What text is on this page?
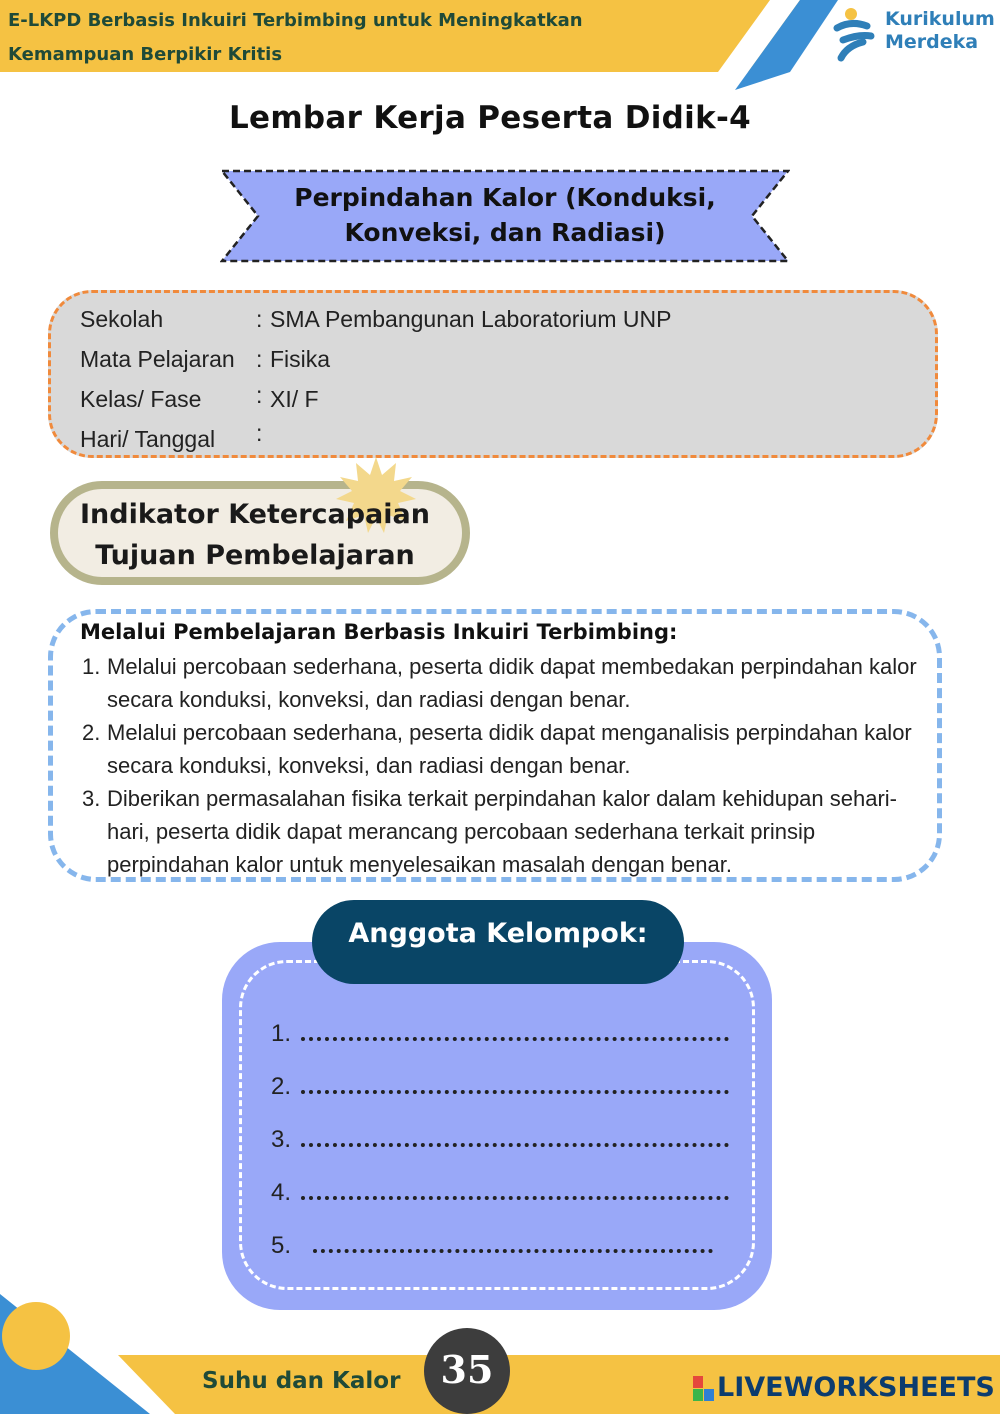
E-LKPD Berbasis Inkuiri Terbimbing untuk Meningkatkan
Kemampuan Berpikir Kritis
Kurikulum
Merdeka
Lembar Kerja Peserta Didik-4
Perpindahan Kalor (Konduksi,
Konveksi, dan Radiasi)
Sekolah	: SMA Pembangunan Laboratorium UNP
Mata Pelajaran : Fisika
Kelas/ Fase : XI/ F
Hari/ Tanggal :
Indikator Ketercapaian
Tujuan Pembelajaran
Melalui Pembelajaran Berbasis Inkuiri Terbimbing:
1. Melalui percobaan sederhana, peserta didik dapat membedakan perpindahan kalor secara konduksi, konveksi, dan radiasi dengan benar.
2. Melalui percobaan sederhana, peserta didik dapat menganalisis perpindahan kalor secara konduksi, konveksi, dan radiasi dengan benar.
3. Diberikan permasalahan fisika terkait perpindahan kalor dalam kehidupan sehari-hari, peserta didik dapat merancang percobaan sederhana terkait prinsip perpindahan kalor untuk menyelesaikan masalah dengan benar.
Anggota Kelompok:
1.
2.
3.
4.
5.
Suhu dan Kalor	35	LIVEWORKSHEETS
